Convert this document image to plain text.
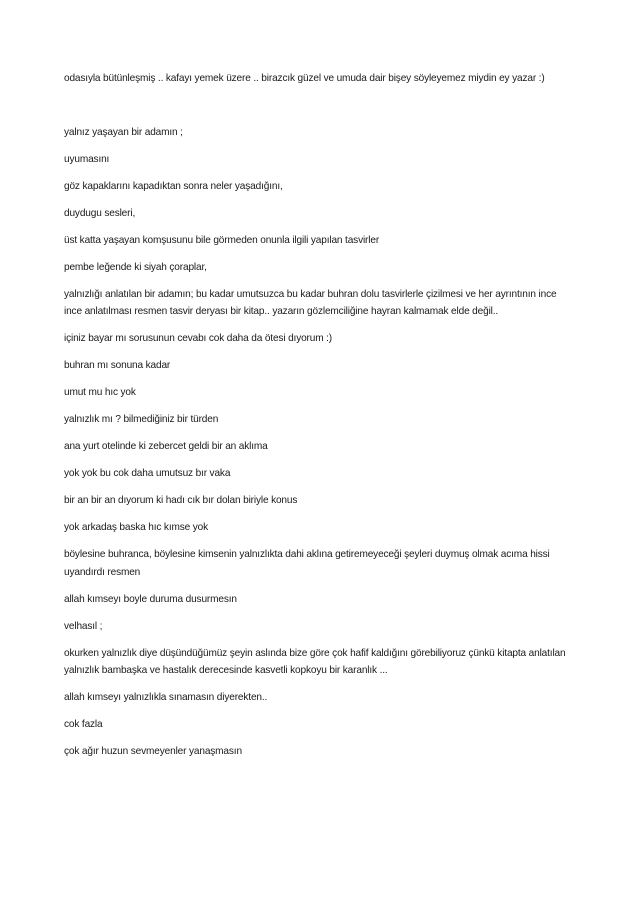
odasıyla bütünleşmiş .. kafayı yemek üzere .. birazcık güzel ve umuda dair bişey söyleyemez miydin ey yazar :)

yalnız yaşayan bir adamın ;

uyumasını

göz kapaklarını kapadıktan sonra neler yaşadığını,

duydugu sesleri,

üst katta yaşayan komşusunu bile görmeden onunla ilgili yapılan tasvirler

pembe leğende ki siyah çoraplar,

yalnızlığı anlatılan bir adamın; bu kadar umutsuzca bu kadar buhran dolu tasvirlerle çizilmesi ve her ayrıntının ince ince anlatılması resmen tasvir deryası bir kitap.. yazarın gözlemciliğine hayran kalmamak elde değil..

içiniz bayar mı sorusunun cevabı cok daha da ötesi dıyorum :)

buhran mı sonuna kadar

umut mu hıc yok

yalnızlık mı ? bilmediğiniz bir türden

ana yurt otelinde ki zebercet geldi bir an aklıma

yok yok bu cok daha umutsuz bır vaka

bir an bir an dıyorum ki hadı cık bır dolan biriyle konus

yok arkadaş baska hıc kımse yok

böylesine buhranca, böylesine kimsenin yalnızlıkta dahi aklına getiremeyeceği şeyleri duymuş olmak acıma hissi uyandırdı resmen

allah kımseyı boyle duruma dusurmesın

velhasıl ;

okurken yalnızlık diye düşündüğümüz şeyin aslında bize göre çok hafif kaldığını görebiliyoruz çünkü kitapta anlatılan yalnızlık bambaşka ve hastalık derecesinde kasvetli kopkoyu bir karanlık ...

allah kımseyı yalnızlıkla sınamasın diyerekten..

cok fazla

çok ağır huzun sevmeyenler yanaşmasın
